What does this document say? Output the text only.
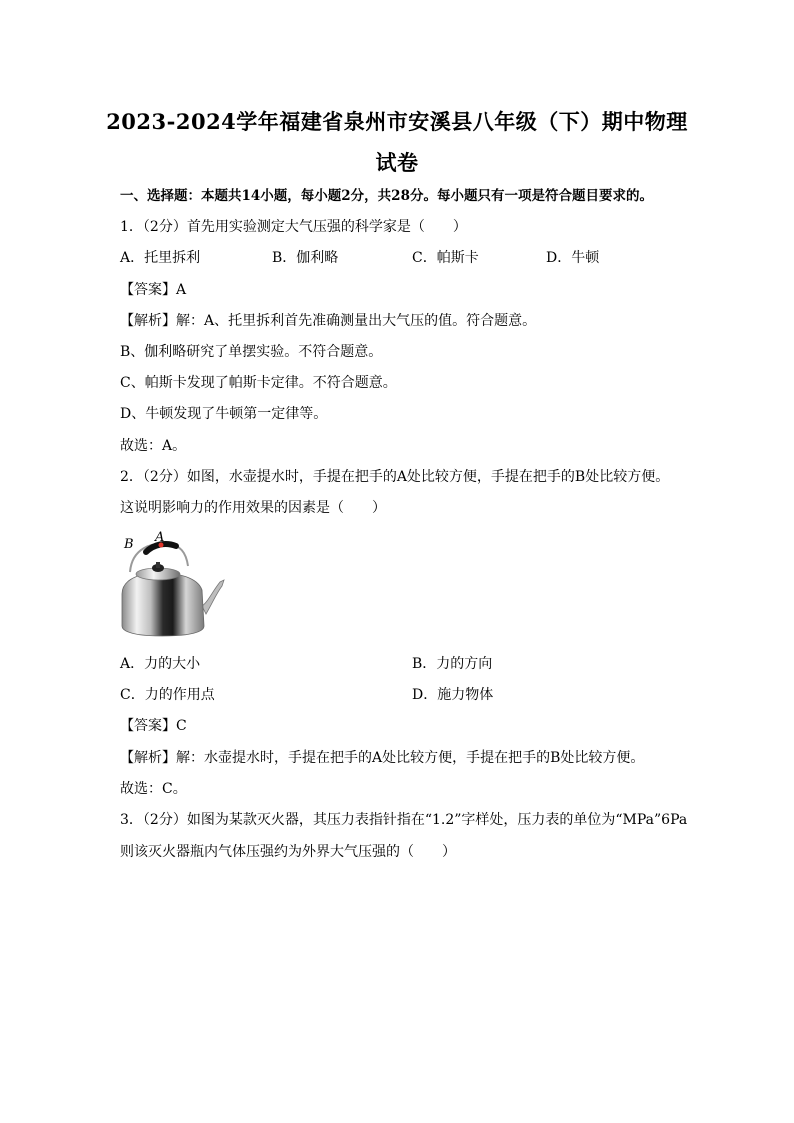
2023-2024学年福建省泉州市安溪县八年级（下）期中物理
试卷
一、选择题：本题共14小题，每小题2分，共28分。每小题只有一项是符合题目要求的。
1．（2分）首先用实验测定大气压强的科学家是（　　）
A．托里拆利	B．伽利略	C．帕斯卡	D．牛顿
【答案】A
【解析】解：A、托里拆利首先准确测量出大气压的值。符合题意。
B、伽利略研究了单摆实验。不符合题意。
C、帕斯卡发现了帕斯卡定律。不符合题意。
D、牛顿发现了牛顿第一定律等。
故选：A。
2．（2分）如图，水壶提水时，手提在把手的A处比较方便，手提在把手的B处比较方便。
这说明影响力的作用效果的因素是（　　）
B A
A．力的大小	B．力的方向
C．力的作用点	D．施力物体
【答案】C
【解析】解：水壶提水时，手提在把手的A处比较方便，手提在把手的B处比较方便。
故选：C。
3．（2分）如图为某款灭火器，其压力表指针指在“1.2”字样处，压力表的单位为“MPa”6Pa
则该灭火器瓶内气体压强约为外界大气压强的（　　）
